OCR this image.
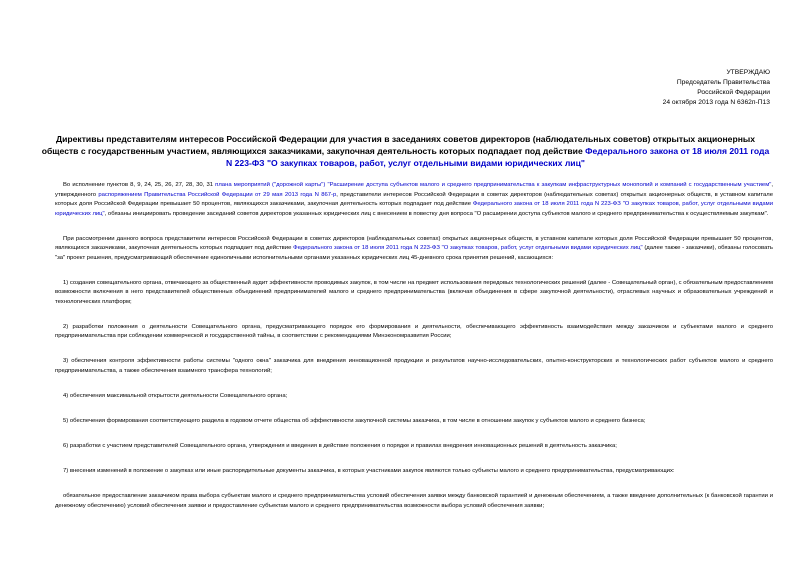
УТВЕРЖДАЮ
Председатель Правительства
Российской Федерации
24 октября 2013 года N 6362п-П13
Директивы представителям интересов Российской Федерации для участия в заседаниях советов директоров (наблюдательных советов) открытых акционерных обществ с государственным участием, являющихся заказчиками, закупочная деятельность которых подпадает под действие Федерального закона от 18 июля 2011 года N 223-ФЗ "О закупках товаров, работ, услуг отдельными видами юридических лиц"

Во исполнение пунктов 8, 9, 24, 25, 26, 27, 28, 30, 31 плана мероприятий ("дорожной карты") "Расширение доступа субъектов малого и среднего предпринимательства к закупкам инфраструктурных монополий и компаний с государственным участием", утвержденного распоряжением Правительства Российской Федерации от 29 мая 2013 года N 867-р, представители интересов Российской Федерации в советах директоров (наблюдательных советах) открытых акционерных обществ, в уставном капитале которых доля Российской Федерации превышает 50 процентов, являющихся заказчиками, закупочная деятельность которых подпадает под действие Федерального закона от 18 июля 2011 года N 223-ФЗ "О закупках товаров, работ, услуг отдельными видами юридических лиц", обязаны инициировать проведение заседаний советов директоров указанных юридических лиц с внесением в повестку дня вопроса "О расширении доступа субъектов малого и среднего предпринимательства к осуществляемым закупкам".

При рассмотрении данного вопроса представители интересов Российской Федерации в советах директоров (наблюдательных советах) открытых акционерных обществ, в уставном капитале которых доля Российской Федерации превышает 50 процентов, являющихся заказчиками, закупочная деятельность которых подпадает под действие Федерального закона от 18 июля 2011 года N 223-ФЗ "О закупках товаров, работ, услуг отдельными видами юридических лиц" (далее также - заказчики), обязаны голосовать "за" проект решения, предусматривающий обеспечение единоличными исполнительными органами указанных юридических лиц 45-дневного срока принятия решений, касающихся:

1) создания совещательного органа, отвечающего за общественный аудит эффективности проводимых закупок, в том числе на предмет использования передовых технологических решений (далее - Совещательный орган), с обязательным предоставлением возможности включения в него представителей общественных объединений предпринимателей малого и среднего предпринимательства (включая объединения в сфере закупочной деятельности), отраслевых научных и образовательных учреждений и технологических платформ;

2) разработки положения о деятельности Совещательного органа, предусматривающего порядок его формирования и деятельности, обеспечивающего эффективность взаимодействия между заказчиком и субъектами малого и среднего предпринимательства при соблюдении коммерческой и государственной тайны, в соответствии с рекомендациями Минэкономразвития России;

3) обеспечения контроля эффективности работы системы "одного окна" заказчика для внедрения инновационной продукции и результатов научно-исследовательских, опытно-конструкторских и технологических работ субъектов малого и среднего предпринимательства, а также обеспечения взаимного трансфера технологий;

4) обеспечения максимальной открытости деятельности Совещательного органа;

5) обеспечения формирования соответствующего раздела в годовом отчете общества об эффективности закупочной системы заказчика, в том числе в отношении закупок у субъектов малого и среднего бизнеса;

6) разработки с участием представителей Совещательного органа, утверждения и введения в действие положения о порядке и правилах внедрения инновационных решений в деятельность заказчика;

7) внесения изменений в положение о закупках или иные распорядительные документы заказчика, в которых участниками закупок являются только субъекты малого и среднего предпринимательства, предусматривающих:

обязательное предоставление заказчиком права выбора субъектам малого и среднего предпринимательства условий обеспечения заявки между банковской гарантией и денежным обеспечением, а также введение дополнительных (к банковской гарантии и денежному обеспечению) условий обеспечения заявки и предоставление субъектам малого и среднего предпринимательства возможности выбора условий обеспечения заявки;
